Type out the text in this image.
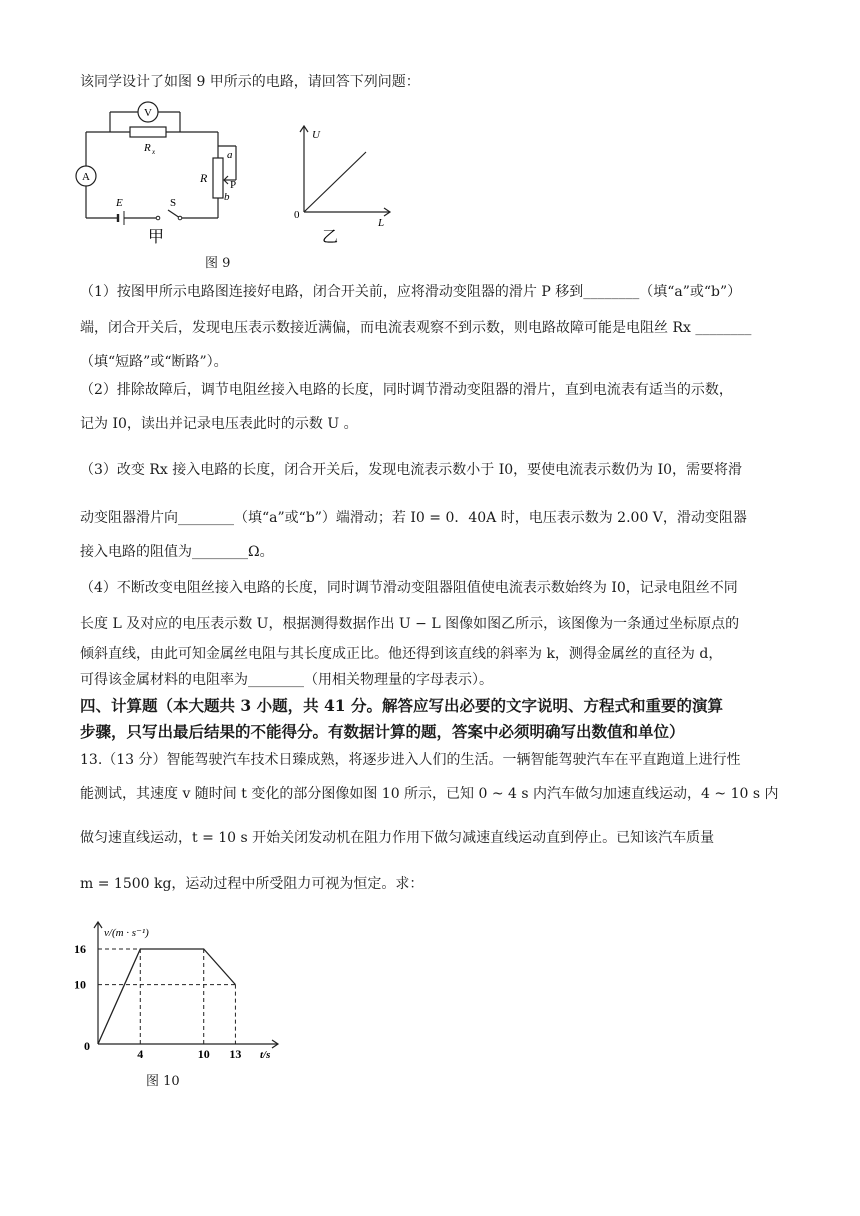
该同学设计了如图 9 甲所示的电路，请回答下列问题：
V
A
R x
R
a
P
b
E	S
甲
U
L
0
乙
图 9
（1）按图甲所示电路图连接好电路，闭合开关前，应将滑动变阻器的滑片 P 移到________（填“a”或“b”）
端，闭合开关后，发现电压表示数接近满偏，而电流表观察不到示数，则电路故障可能是电阻丝 Rx ________
（填“短路”或“断路”）。
（2）排除故障后，调节电阻丝接入电路的长度，同时调节滑动变阻器的滑片，直到电流表有适当的示数，
记为 I0，读出并记录电压表此时的示数 U 。
（3）改变 Rx 接入电路的长度，闭合开关后，发现电流表示数小于 I0，要使电流表示数仍为 I0，需要将滑
动变阻器滑片向________（填“a”或“b”）端滑动；若 I0 = 0．40A 时，电压表示数为 2.00 V，滑动变阻器
接入电路的阻值为________Ω。
（4）不断改变电阻丝接入电路的长度，同时调节滑动变阻器阻值使电流表示数始终为 I0，记录电阻丝不同
长度 L 及对应的电压表示数 U，根据测得数据作出 U − L 图像如图乙所示，该图像为一条通过坐标原点的
倾斜直线，由此可知金属丝电阻与其长度成正比。他还得到该直线的斜率为 k，测得金属丝的直径为 d，
可得该金属材料的电阻率为________（用相关物理量的字母表示）。
四、计算题（本大题共 3 小题，共 41 分。解答应写出必要的文字说明、方程式和重要的演算
步骤，只写出最后结果的不能得分。有数据计算的题，答案中必须明确写出数值和单位）
13.（13 分）智能驾驶汽车技术日臻成熟，将逐步进入人们的生活。一辆智能驾驶汽车在平直跑道上进行性
能测试，其速度 v 随时间 t 变化的部分图像如图 10 所示，已知 0 ~ 4 s 内汽车做匀加速直线运动，4 ~ 10 s 内
做匀速直线运动，t = 10 s 开始关闭发动机在阻力作用下做匀减速直线运动直到停止。已知该汽车质量
m = 1500 kg，运动过程中所受阻力可视为恒定。求：
10
16
4	10 13
v/(m · s⁻¹)
t/s
0
图 10
